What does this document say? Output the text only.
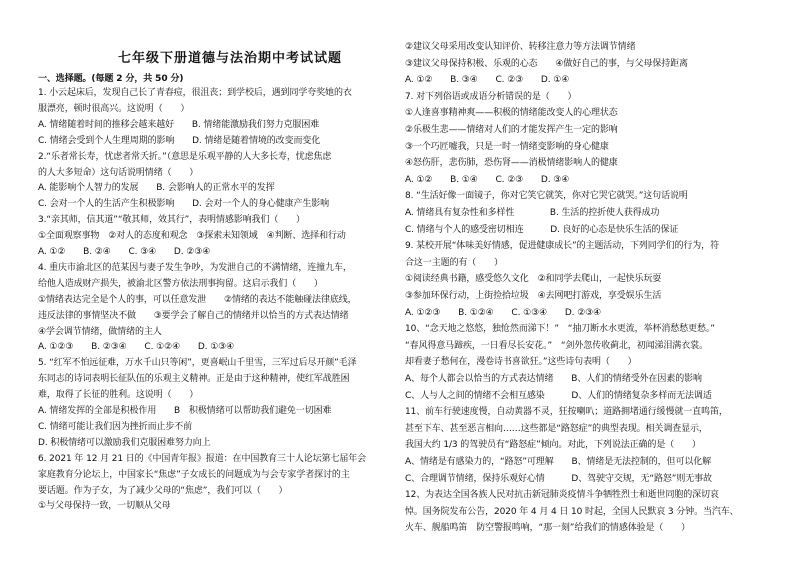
七年级下册道德与法治期中考试试题
一、选择题。(每题 2 分，共 50 分)
1. 小云起床后，发现自己长了青春痘，很沮丧；到学校后，遇到同学夸奖她的衣
服漂亮，顿时很高兴。这说明（　　）
A. 情绪随着时间的推移会越来越好　　B. 情绪能激励我们努力克服困难
C. 情绪会受到个人生理周期的影响　　D. 情绪是随着情境的改变而变化
2.“乐者常长寿，忧虑者常夭折。”（意思是乐观平静的人大多长寿，忧虑焦虑
的人大多短命）这句话说明情绪（　　）
A. 能影响个人智力的发展　　B. 会影响人的正常水平的发挥
C. 会对一个人的生活产生积极影响　　D. 会对一个人的身心健康产生影响
3.“亲其师，信其道”“敬其师，效其行”，表明情感影响我们（　　）
①全面观察事物　②对人的态度和观念　③探索未知领域　④判断、选择和行动
A. ①②　　B. ②④　　C. ③④　　D. ②③④
4. 重庆市渝北区的范某因与妻子发生争吵，为发泄自己的不满情绪，连撞九车，
给他人造成财产损失，被渝北区警方依法刑事拘留。这启示我们（　　）
①情绪表达完全是个人的事，可以任意发泄　　②情绪的表达不能触碰法律底线，
违反法律的事情坚决不做　　③要学会了解自己的情绪并以恰当的方式表达情绪
④学会调节情绪，做情绪的主人
A. ①②③　　B. ②③④　　C. ①②④　　D. ①③④
5. “红军不怕远征难，万水千山只等闲”，更喜岷山千里雪，三军过后尽开颜”毛泽
东同志的诗词表明长征队伍的乐观主义精神。正是由于这种精神，使红军战胜困
难，取得了长征的胜利。这说明（　　）
A. 情绪发挥的全部是积极作用　　B　积极情绪可以帮助我们避免一切困难
C. 情绪可能让我们因为挫折而止步不前
D. 积极情绪可以激励我们克服困难努力向上
6. 2021 年 12 月 21 日的《中国青年报》报道：在中国教育三十人论坛第七届年会
家庭教育分论坛上，中国家长“焦虑”子女成长的问题成为与会专家学者探讨的主
要话题。作为子女，为了减少父母的“焦虑”，我们可以（　　）
①与父母保持一致，一切顺从父母
②建议父母采用改变认知评价、转移注意力等方法调节情绪
③建议父母保持积极、乐观的心态　　④做好自己的事，与父母保持距离
A. ①②　　B. ③④　　C. ②③　　D. ①④
7. 对下列俗语或成语分析错误的是（　　）
①人逢喜事精神爽——积极的情绪能改变人的心理状态
②乐极生悲——情绪对人们的才能发挥产生一定的影响
③一个巧匠嘘我，只是一时一情绪变影响的身心健康
④怒伤肝，悲伤肺，恐伤肾——消极情绪影响人的健康
A. ①②　　B. ①④　　C. ②③　　D. ③④
8. “生活好像一面镜子，你对它笑它就笑，你对它哭它就哭。”这句话说明
A. 情绪具有复杂性和多样性　　　　B. 生活的控折使人获得成功
C. 情绪与个人的感受密切相连　　　D. 良好的心态是快乐生活的保证
9. 某校开展“体味美好情感，促进健康成长”的主题活动，下列同学们的行为，符
合这一主题的有（　　）
①阅读经典书籍，感受悠久文化　②和同学去爬山，一起快乐玩耍
③参加环保行动，上街捡拾垃圾　④去网吧打游戏，享受娱乐生活
A. ①②③　　B. ①②④　　C. ①③④　　D. ②③④
10、“念天地之悠悠，独怆然而涕下！”　“抽刀断水水更流，举杯消愁愁更愁。”
“春风得意马蹄疾，一日看尽长安花。”　“剑外忽传收蓟北，初闻涕泪满衣裳。
却看妻子愁何在，漫卷诗书喜欲狂。”这些诗句表明（　　）
A、每个人都会以恰当的方式表达情绪　　B、人们的情绪受外在因素的影响
C、人与人之间的情绪不会相互感染　　　D、人们的情绪复杂多样而无法调适
11、前车行驶速度慢，自动黄器不灵，狂按喇叭；道路拥堵通行缓慢就一直鸣笛，
甚至下车、甚至恶言相向……这些都是“路怒症”的典型表现。相关调查显示，
我国大约 1/3 的驾驶员有“路怒症”倾向。对此，下列说法正确的是（　　）
A、情绪是有感染力的，“路怒”可理解　　B、情绪是无法控制的，但可以化解
C、合理调节情绪，保持乐观好心情　　　D、驾驶守交规，无“路怒”则无事故
12、为表达全国各族人民对抗击新冠肺炎疫情斗争牺牲烈士和逝世同胞的深切哀
悼。国务院发布公告，2020 年 4 月 4 日 10 时起，全国人民默哀 3 分钟。当汽车、
火车、舰船鸣笛　防空警报鸣响，“那一刻”给我们的情感体验是（　　）
